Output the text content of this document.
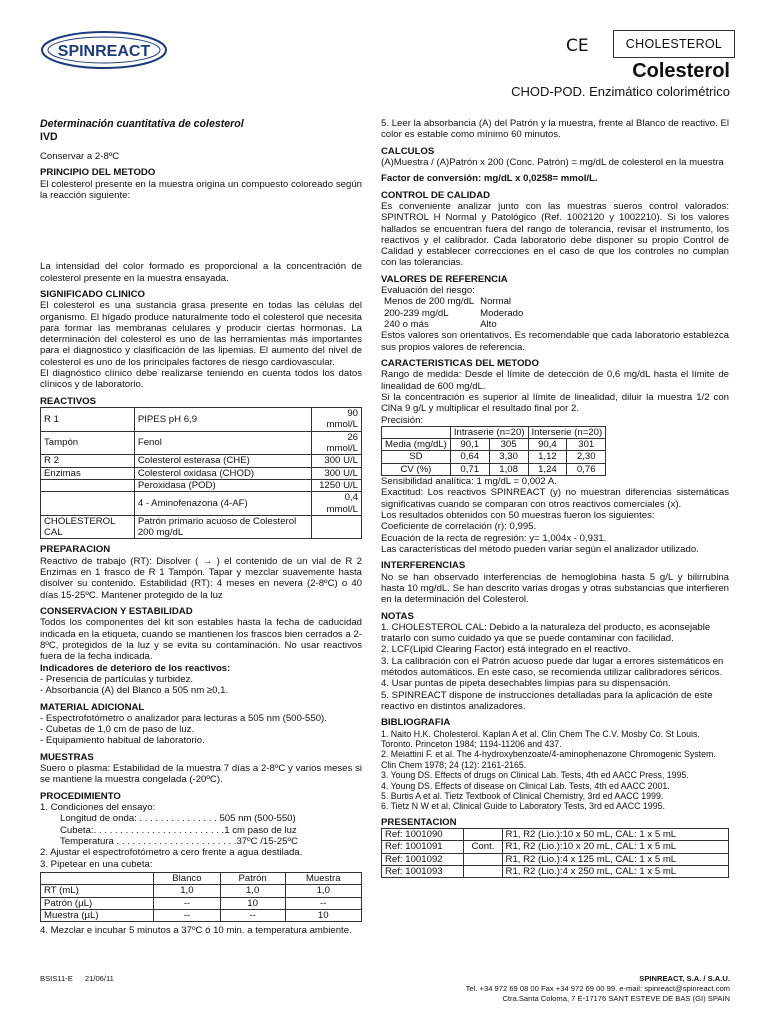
SPINREACT	CE	CHOLESTEROL
Colesterol
CHOD-POD. Enzimático colorimétrico
Determinación cuantitativa de colesterol
IVD

Conservar a 2-8ºC

PRINCIPIO DEL METODO

El colesterol presente en la muestra origina un compuesto coloreado según la reacción siguiente:

La intensidad del color formado es proporcional a la concentración de colesterol presente en la muestra ensayada.

SIGNIFICADO CLINICO

El colesterol es una sustancia grasa presente en todas las células del organismo. El hígado produce naturalmente todo el colesterol que necesita para formar las membranas celulares y producir ciertas hormonas. La determinación del colesterol es uno de las herramientas más importantes para el diagnostico y clasificación de las lipemias. El aumento del nivel de colesterol es uno de los principales factores de riesgo cardiovascular.

El diagnóstico clínico debe realizarse teniendo en cuenta todos los datos clínicos y de laboratorio.

REACTIVOS
R 1	PIPES pH 6,9	90 mmol/L
Tampón	Fenol	26 mmol/L
R 2	Colesterol esterasa (CHE)	300 U/L
Enzimas	Colesterol oxidasa (CHOD)	300 U/L
	Peroxidasa (POD)	1250 U/L
	4 - Aminofenazona (4-AF)	0,4 mmol/L
CHOLESTEROL CAL	Patrón primario acuoso de Colesterol 200 mg/dL	
PREPARACION

Reactivo de trabajo (RT): Disolver ( → ) el contenido de un vial de R 2 Enzimas en 1 frasco de R 1 Tampón. Tapar y mezclar suavemente hasta disolver su contenido. Estabilidad (RT): 4 meses en nevera (2-8ºC) o 40 días 15-25ºC. Mantener protegido de la luz

CONSERVACION Y ESTABILIDAD

Todos los componentes del kit son estables hasta la fecha de caducidad indicada en la etiqueta, cuando se mantienen los frascos bien cerrados a 2-8ºC, protegidos de la luz y se evita su contaminación. No usar reactivos fuera de la fecha indicada.

Indicadores de deterioro de los reactivos:
- Presencia de partículas y turbidez.
- Absorbancia (A) del Blanco a 505 nm ≥0,1.
MATERIAL ADICIONAL
- Espectrofotómetro o analizador para lecturas a 505 nm (500-550).
- Cubetas de 1,0 cm de paso de luz.
- Equipamiento habitual de laboratorio.
MUESTRAS

Suero o plasma: Estabilidad de la muestra 7 días a 2-8ºC y varios meses si se mantiene la muestra congelada (-20ºC).

PROCEDIMIENTO
1. Condiciones del ensayo:
Longitud de onda: . . . . . . . . . . . . . . . 505 nm (500-550)
Cubeta:. . . . . . . . . . . . . . . . . . . . . . . . .1 cm paso de luz
Temperatura . . . . . . . . . . . . . . . . . . . . . . .37ºC /15-25ºC
2. Ajustar el espectrofotómetro a cero frente a agua destilada.
3. Pipetear en una cubeta:
	Blanco	Patrón	Muestra
RT (mL)	1,0	1,0	1,0
Patrón (µL)	--	10	--
Muestra (µL)	--	--	10

4. Mezclar e incubar 5 minutos a 37ºC ó 10 min. a temperatura ambiente.

5. Leer la absorbancia (A) del Patrón y la muestra, frente al Blanco de reactivo. El color es estable como mínimo 60 minutos.

CALCULOS

(A)Muestra / (A)Patrón x 200 (Conc. Patrón) = mg/dL de colesterol en la muestra

Factor de conversión: mg/dL x 0,0258= mmol/L.

CONTROL DE CALIDAD

Es conveniente analizar junto con las muestras sueros control valorados: SPINTROL H Normal y Patológico (Ref. 1002120 y 1002210). Si los valores hallados se encuentran fuera del rango de tolerancia, revisar el instrumento, los reactivos y el calibrador. Cada laboratorio debe disponer su propio Control de Calidad y establecer correcciones en el caso de que los controles no cumplan con las tolerancias.

VALORES DE REFERENCIA
Evaluación del riesgo:
Menos de 200 mg/dL	Normal
200-239 mg/dL	Moderado
240 o más	Alto

Estos valores son orientativos. Es recomendable que cada laboratorio establezca sus propios valores de referencia.

CARACTERISTICAS DEL METODO

Rango de medida: Desde el límite de detección de 0,6 mg/dL hasta el límite de linealidad de 600 mg/dL.

Si la concentración es superior al límite de linealidad, diluir la muestra 1/2 con ClNa 9 g/L y multiplicar el resultado final por 2.

Precisión:
	Intraserie (n=20)		Interserie (n=20)	
Media (mg/dL)	90,1	305	90,4	301
SD	0,64	3,30	1,12	2,30
CV (%)	0,71	1,08	1,24	0,76
Sensibilidad analítica: 1 mg/dL = 0,002 A.

Exactitud: Los reactivos SPINREACT (y) no muestran diferencias sistemáticas significativas cuando se comparan con otros reactivos comerciales (x).

Los resultados obtenidos con 50 muestras fueron los siguientes:

Coeficiente de correlación (r): 0,995.
Ecuación de la recta de regresión: y= 1,004x - 0,931.
Las características del método pueden variar según el analizador utilizado.
INTERFERENCIAS

No se han observado interferencias de hemoglobina hasta 5 g/L y bilirrubina hasta 10 mg/dL. Se han descrito varias drogas y otras substancias que interfieren en la determinación del Colesterol.

NOTAS
1. CHOLESTEROL CAL: Debido a la naturaleza del producto, es aconsejable tratarlo con sumo cuidado ya que se puede contaminar con facilidad.
2. LCF(Lipid Clearing Factor) está integrado en el reactivo.
3. La calibración con el Patrón acuoso puede dar lugar a errores sistemáticos en métodos automáticos. En este caso, se recomienda utilizar calibradores séricos.
4. Usar puntas de pipeta desechables limpias para su dispensación.
5. SPINREACT dispone de instrucciones detalladas para la aplicación de este reactivo en distintos analizadores.
BIBLIOGRAFIA
1. Naito H.K. Cholesterol. Kaplan A et al. Clin Chem The C.V. Mosby Co. St Louis. Toronto. Princeton 1984; 1194-11206 and 437.
2. Meiattini F. et al. The 4-hydroxybenzoate/4-aminophenazone Chromogenic System. Clin Chem 1978; 24 (12): 2161-2165.
3. Young DS. Effects of drugs on Clinical Lab. Tests, 4th ed AACC Press, 1995.
4. Young DS. Effects of disease on Clinical Lab. Tests, 4th ed AACC 2001.
5. Burtis A et al. Tietz Textbook of Clinical Chemistry, 3rd ed AACC 1999.
6. Tietz N W et al. Clinical Guide to Laboratory Tests, 3rd ed AACC 1995.
PRESENTACION
Ref: 1001090		R1, R2 (Lio.):10 x 50 mL, CAL: 1 x 5 mL
Ref: 1001091	Cont.	R1, R2 (Lio.):10 x 20 mL, CAL: 1 x 5 mL
Ref: 1001092		R1, R2 (Lio.):4 x 125 mL, CAL: 1 x 5 mL
Ref: 1001093		R1, R2 (Lio.):4 x 250 mL, CAL: 1 x 5 mL
BSIS11-E 21/06/11	SPINREACT, S.A. / S.A.U.
Tel. +34 972 69 08 00 Fax +34 972 69 00 99. e-mail: spinreact@spinreact.com
Ctra.Santa Coloma, 7 E-17176 SANT ESTEVE DE BAS (GI) SPAIN
